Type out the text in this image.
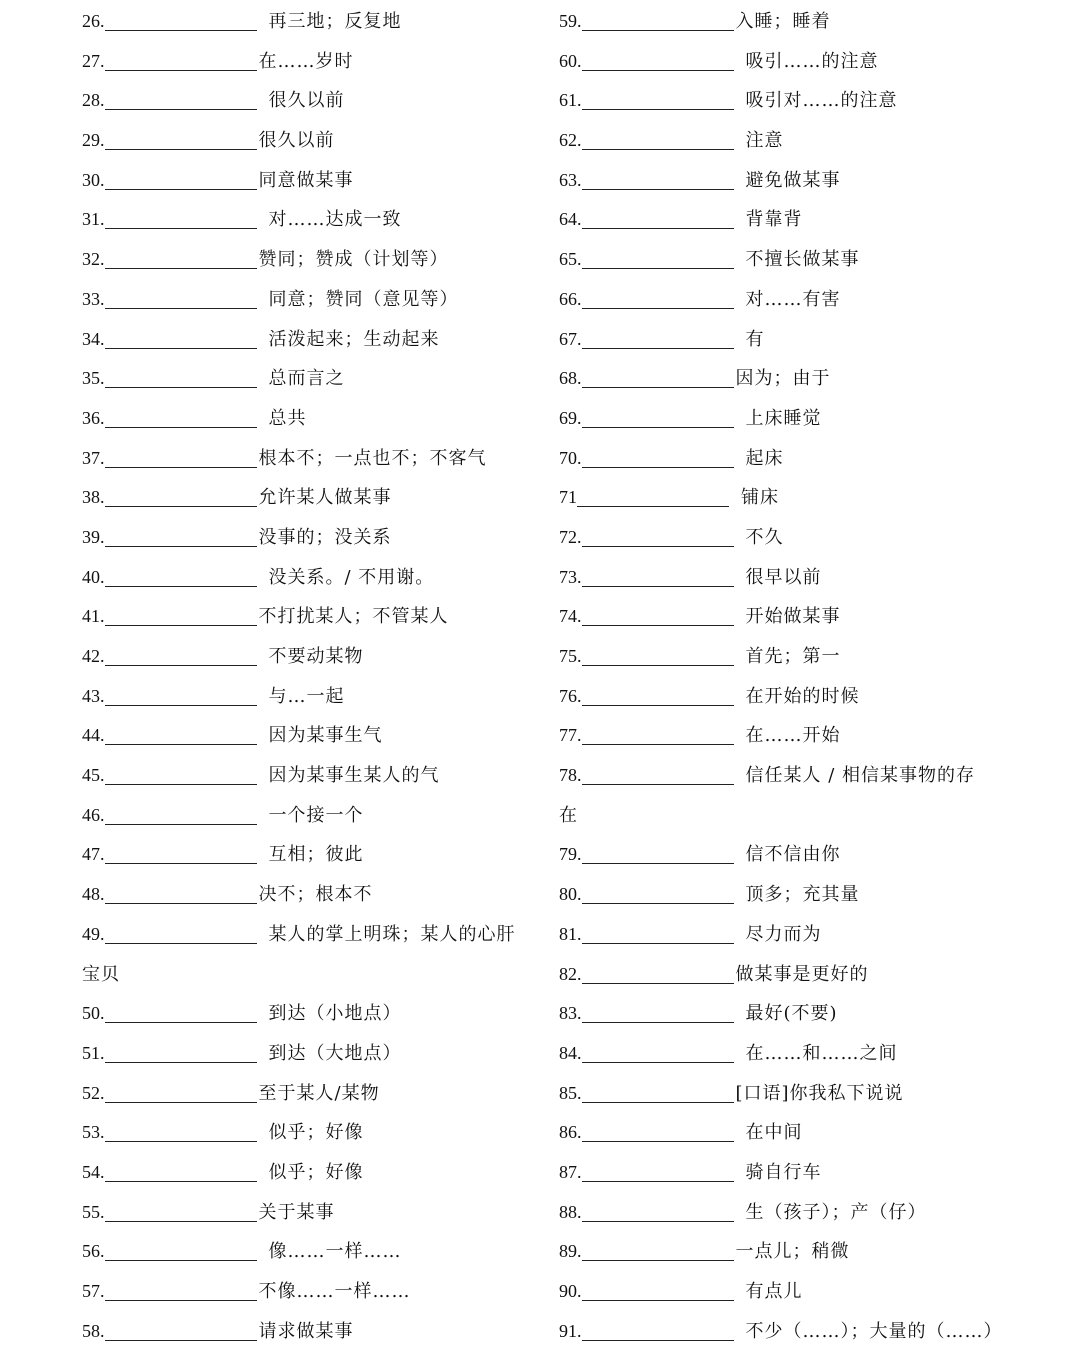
26.	再三地；反复地
27.	在……岁时
28.	很久以前
29.	很久以前
30.	同意做某事
31.	对……达成一致
32.	赞同；赞成（计划等）
33.	同意；赞同（意见等）
34.	活泼起来；生动起来
35.	总而言之
36.	总共
37.	根本不；一点也不；不客气
38.	允许某人做某事
39.	没事的；没关系
40.	没关系。/ 不用谢。
41.	不打扰某人；不管某人
42.	不要动某物
43.	与…一起
44.	因为某事生气
45.	因为某事生某人的气
46.	一个接一个
47.	互相；彼此
48.	决不；根本不
49.	某人的掌上明珠；某人的心肝
宝贝
50.	到达（小地点）
51.	到达（大地点）
52.	至于某人/某物
53.	似乎；好像
54.	似乎；好像
55.	关于某事
56.	像……一样……
57.	不像……一样……
58.	请求做某事
59.	入睡；睡着
60.	吸引……的注意
61.	吸引对……的注意
62.	注意
63.	避免做某事
64.	背靠背
65.	不擅长做某事
66.	对……有害
67.	有
68.	因为；由于
69.	上床睡觉
70.	起床
71	铺床
72.	不久
73.	很早以前
74.	开始做某事
75.	首先；第一
76.	在开始的时候
77.	在……开始
78.	信任某人 / 相信某事物的存
在
79.	信不信由你
80.	顶多；充其量
81.	尽力而为
82.	做某事是更好的
83.	最好(不要)
84.	在……和……之间
85.	[口语]你我私下说说
86.	在中间
87.	骑自行车
88.	生（孩子）；产（仔）
89.	一点儿；稍微
90.	有点儿
91.	不少（……）；大量的（……）
